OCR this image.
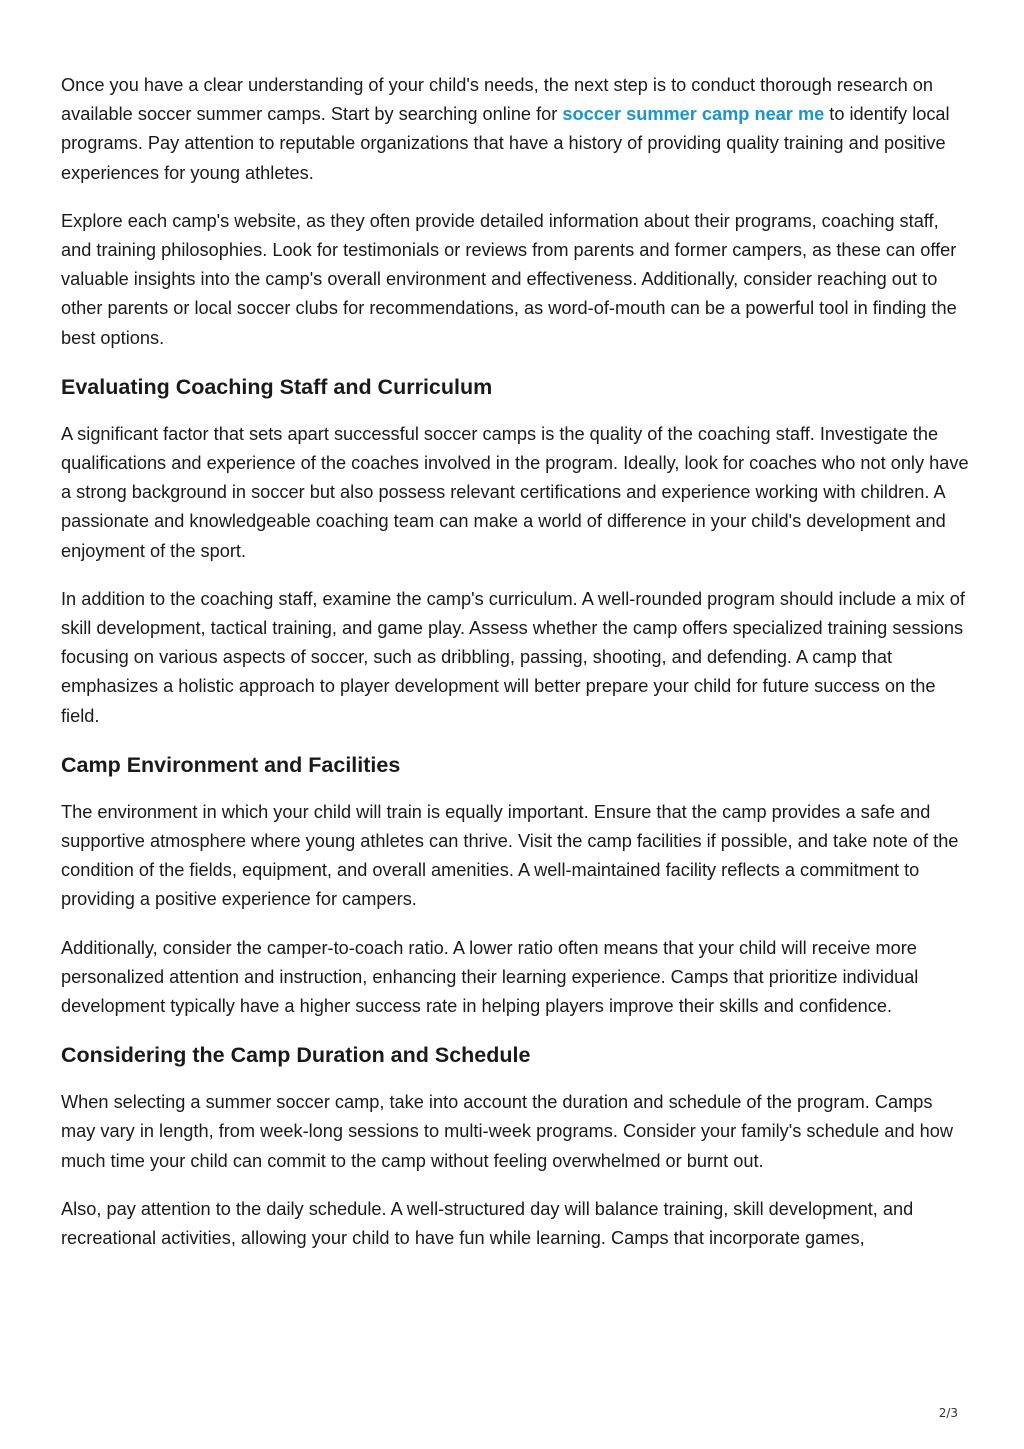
Once you have a clear understanding of your child's needs, the next step is to conduct thorough research on available soccer summer camps. Start by searching online for soccer summer camp near me to identify local programs. Pay attention to reputable organizations that have a history of providing quality training and positive experiences for young athletes.

Explore each camp's website, as they often provide detailed information about their programs, coaching staff, and training philosophies. Look for testimonials or reviews from parents and former campers, as these can offer valuable insights into the camp's overall environment and effectiveness. Additionally, consider reaching out to other parents or local soccer clubs for recommendations, as word-of-mouth can be a powerful tool in finding the best options.

Evaluating Coaching Staff and Curriculum

A significant factor that sets apart successful soccer camps is the quality of the coaching staff. Investigate the qualifications and experience of the coaches involved in the program. Ideally, look for coaches who not only have a strong background in soccer but also possess relevant certifications and experience working with children. A passionate and knowledgeable coaching team can make a world of difference in your child's development and enjoyment of the sport.

In addition to the coaching staff, examine the camp's curriculum. A well-rounded program should include a mix of skill development, tactical training, and game play. Assess whether the camp offers specialized training sessions focusing on various aspects of soccer, such as dribbling, passing, shooting, and defending. A camp that emphasizes a holistic approach to player development will better prepare your child for future success on the field.

Camp Environment and Facilities

The environment in which your child will train is equally important. Ensure that the camp provides a safe and supportive atmosphere where young athletes can thrive. Visit the camp facilities if possible, and take note of the condition of the fields, equipment, and overall amenities. A well-maintained facility reflects a commitment to providing a positive experience for campers.

Additionally, consider the camper-to-coach ratio. A lower ratio often means that your child will receive more personalized attention and instruction, enhancing their learning experience. Camps that prioritize individual development typically have a higher success rate in helping players improve their skills and confidence.

Considering the Camp Duration and Schedule

When selecting a summer soccer camp, take into account the duration and schedule of the program. Camps may vary in length, from week-long sessions to multi-week programs. Consider your family's schedule and how much time your child can commit to the camp without feeling overwhelmed or burnt out.

Also, pay attention to the daily schedule. A well-structured day will balance training, skill development, and recreational activities, allowing your child to have fun while learning. Camps that incorporate games,

2/3
